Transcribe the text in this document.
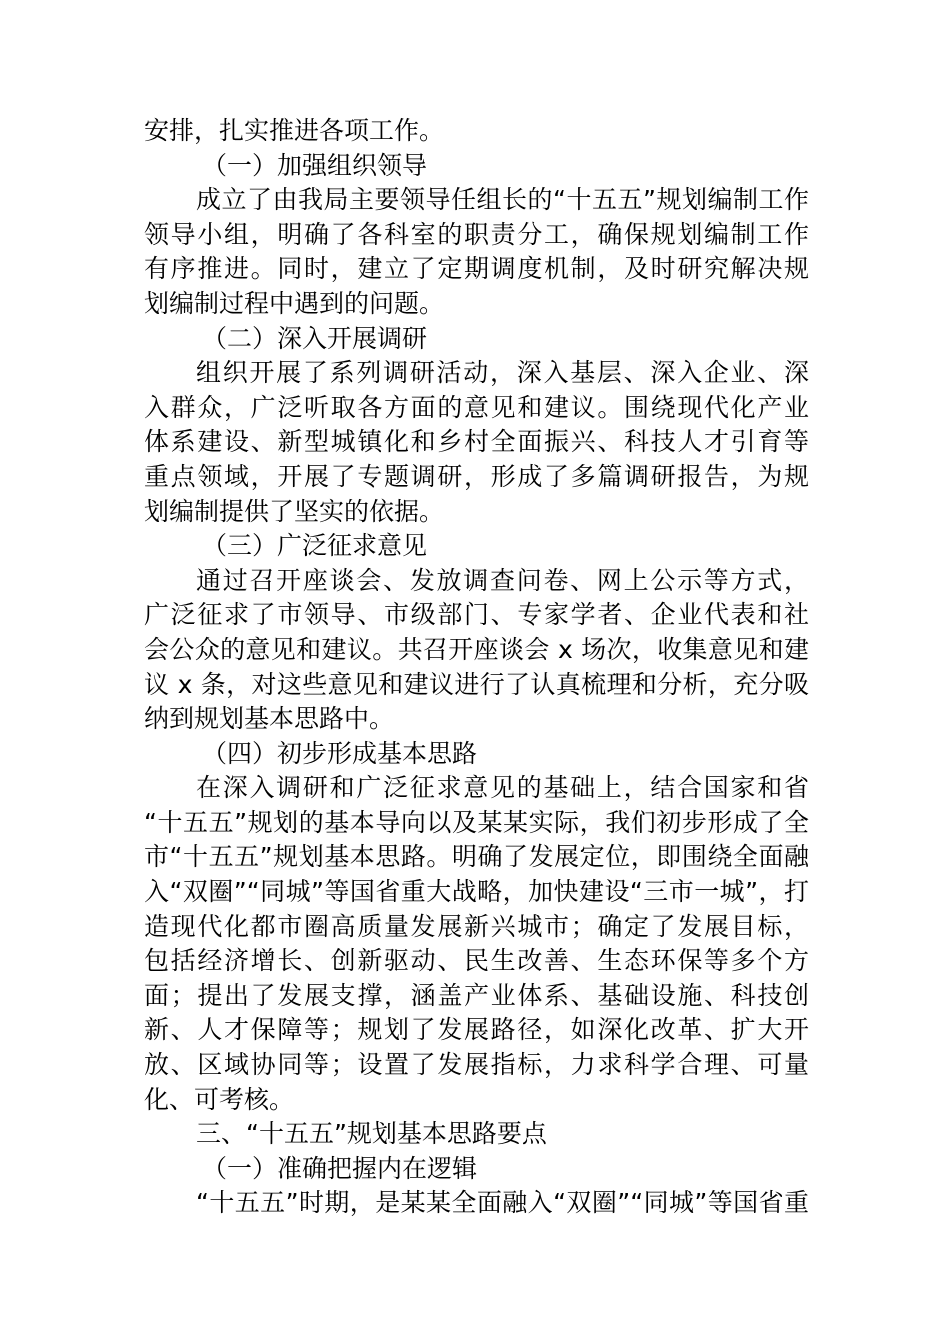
安排，扎实推进各项工作。
（一）加强组织领导
成立了由我局主要领导任组长的“十五五”规划编制工作
领导小组，明确了各科室的职责分工，确保规划编制工作
有序推进。同时，建立了定期调度机制，及时研究解决规
划编制过程中遇到的问题。
（二）深入开展调研
组织开展了系列调研活动，深入基层、深入企业、深
入群众，广泛听取各方面的意见和建议。围绕现代化产业
体系建设、新型城镇化和乡村全面振兴、科技人才引育等
重点领域，开展了专题调研，形成了多篇调研报告，为规
划编制提供了坚实的依据。
（三）广泛征求意见
通过召开座谈会、发放调查问卷、网上公示等方式，
广泛征求了市领导、市级部门、专家学者、企业代表和社
会公众的意见和建议。共召开座谈会 x 场次，收集意见和建
议 x 条，对这些意见和建议进行了认真梳理和分析，充分吸
纳到规划基本思路中。
（四）初步形成基本思路
在深入调研和广泛征求意见的基础上，结合国家和省
“十五五”规划的基本导向以及某某实际，我们初步形成了全
市“十五五”规划基本思路。明确了发展定位，即围绕全面融
入“双圈”“同城”等国省重大战略，加快建设“三市一城”，打
造现代化都市圈高质量发展新兴城市；确定了发展目标，
包括经济增长、创新驱动、民生改善、生态环保等多个方
面；提出了发展支撑，涵盖产业体系、基础设施、科技创
新、人才保障等；规划了发展路径，如深化改革、扩大开
放、区域协同等；设置了发展指标，力求科学合理、可量
化、可考核。
三、“十五五”规划基本思路要点
（一）准确把握内在逻辑
“十五五”时期，是某某全面融入“双圈”“同城”等国省重
